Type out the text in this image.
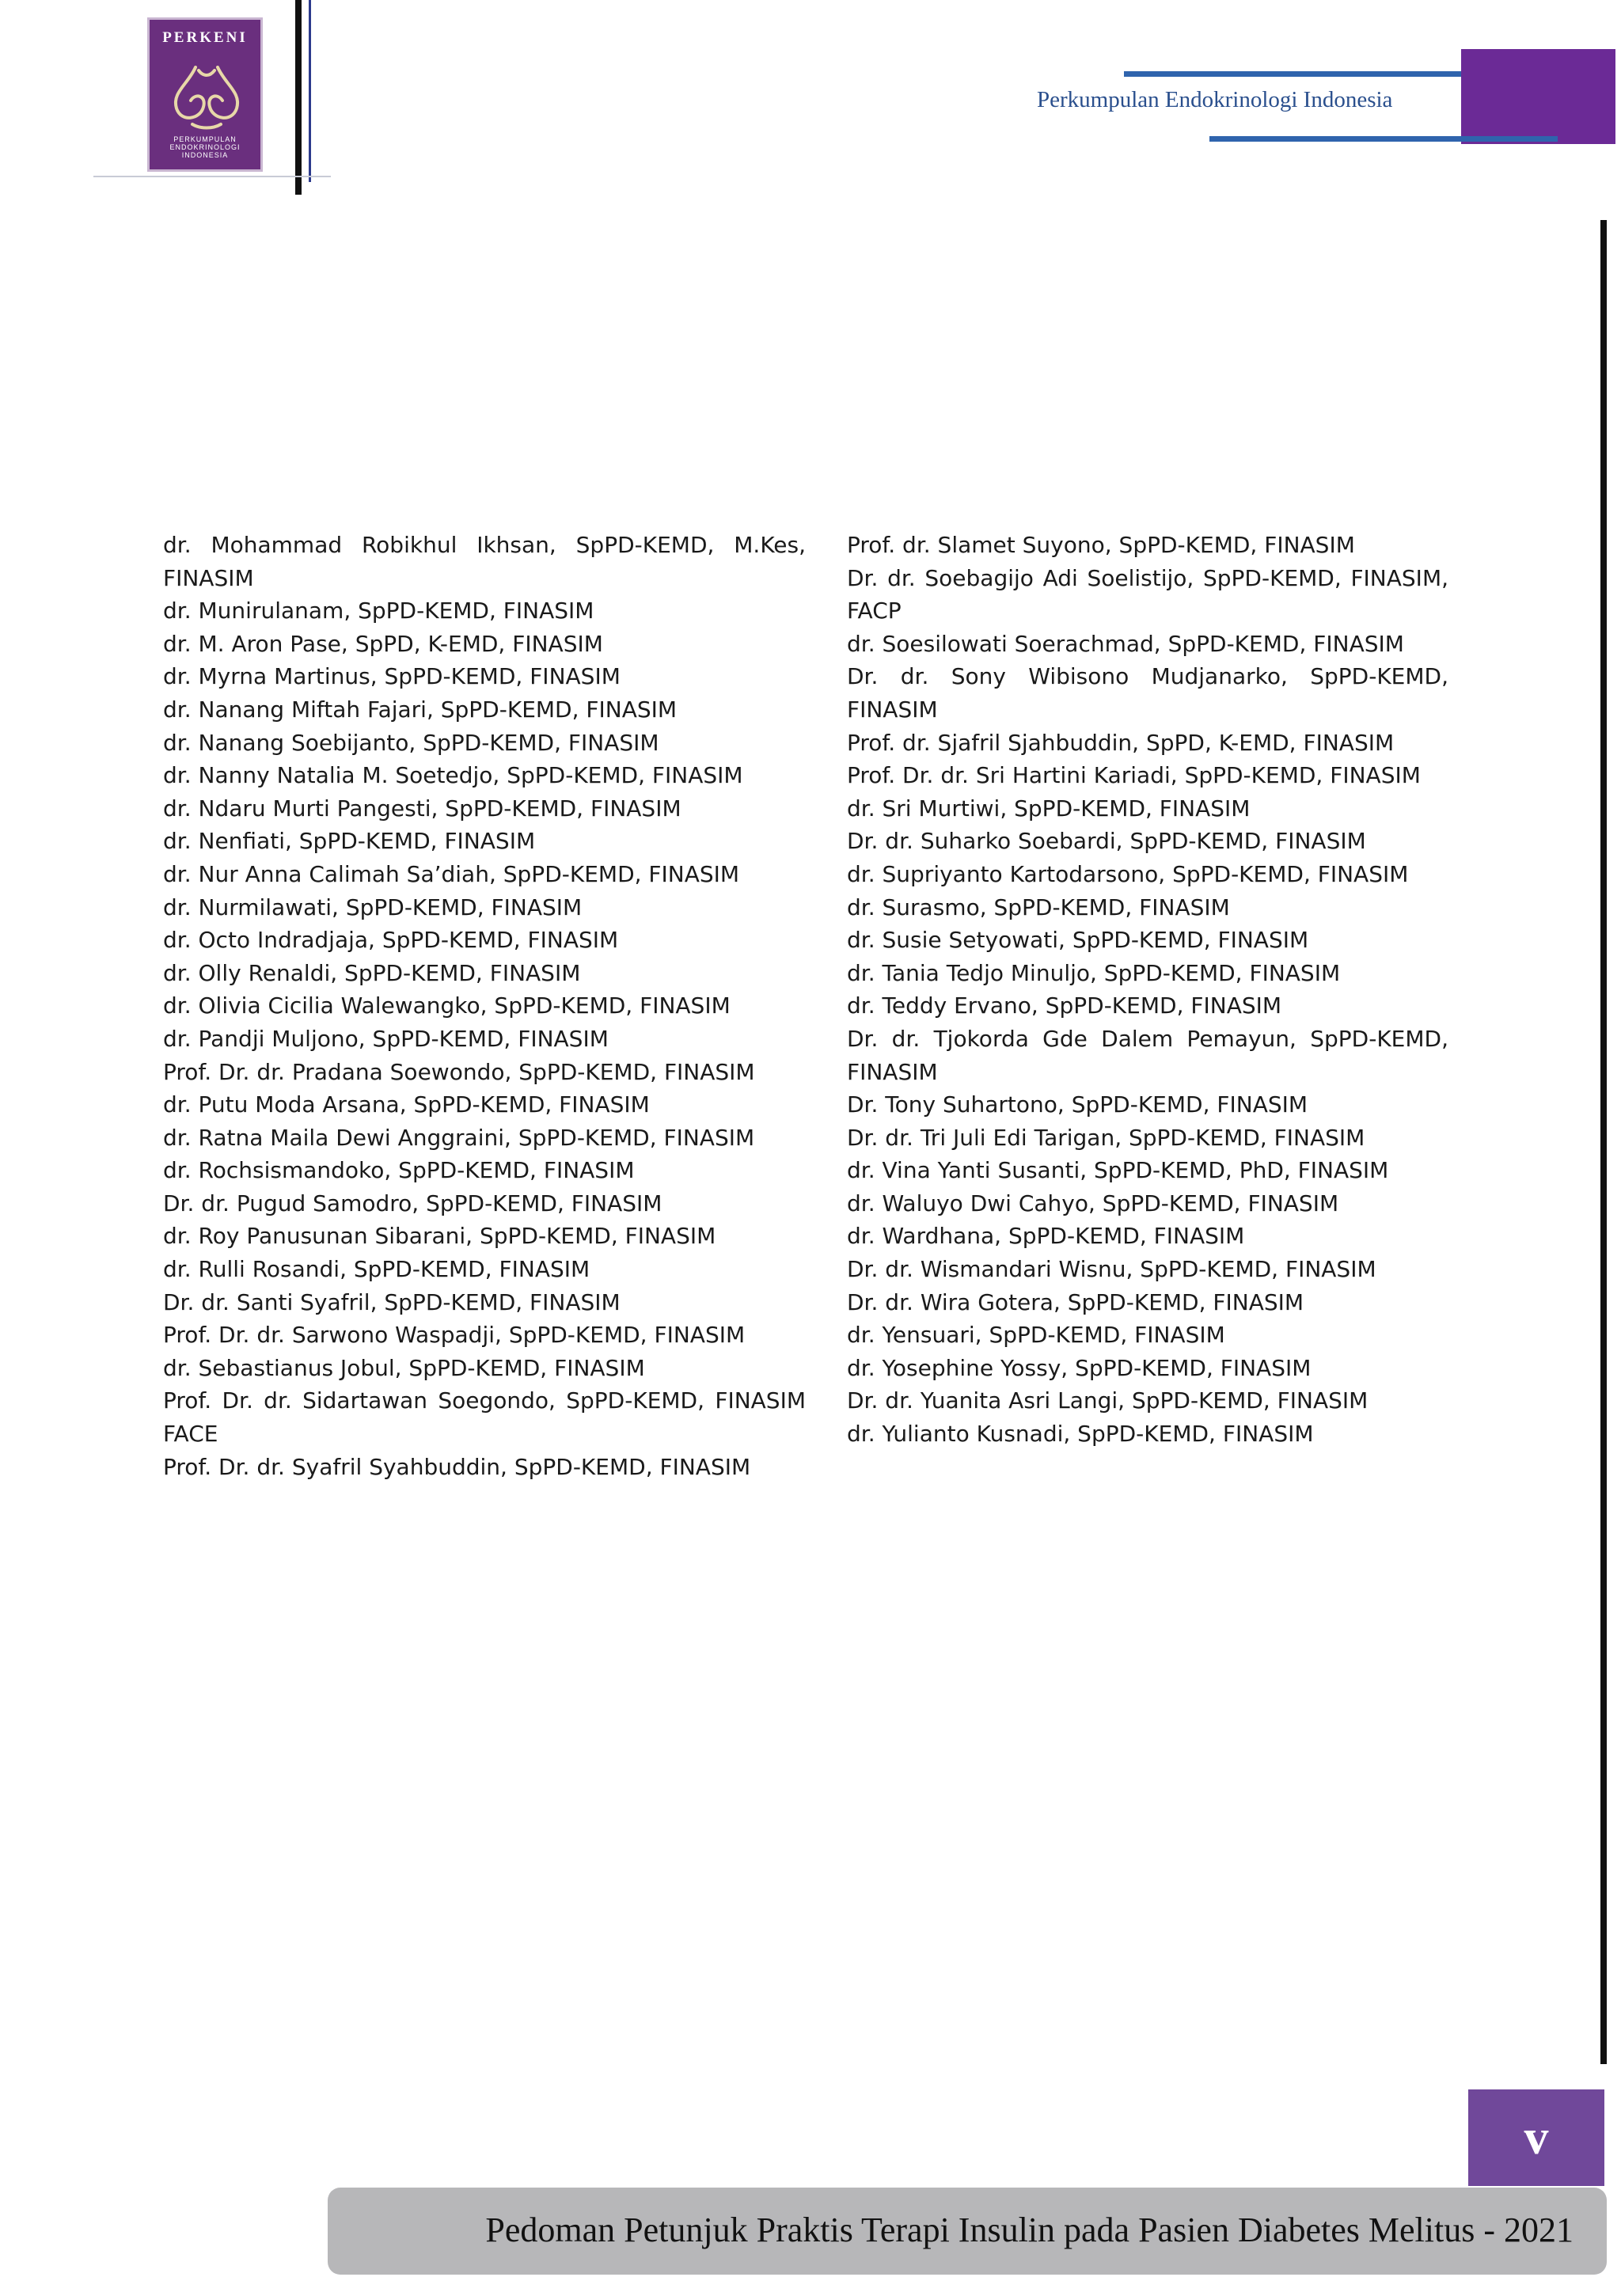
PERKENI
PERKUMPULAN
ENDOKRINOLOGI
INDONESIA
Perkumpulan Endokrinologi Indonesia

dr. Mohammad Robikhul Ikhsan, SpPD-KEMD, M.Kes, FINASIM

dr. Munirulanam, SpPD-KEMD, FINASIM

dr. M. Aron Pase, SpPD, K-EMD, FINASIM

dr. Myrna Martinus, SpPD-KEMD, FINASIM

dr. Nanang Miftah Fajari, SpPD-KEMD, FINASIM

dr. Nanang Soebijanto, SpPD-KEMD, FINASIM

dr. Nanny Natalia M. Soetedjo, SpPD-KEMD, FINASIM

dr. Ndaru Murti Pangesti, SpPD-KEMD, FINASIM

dr. Nenfiati, SpPD-KEMD, FINASIM

dr. Nur Anna Calimah Sa’diah, SpPD-KEMD, FINASIM

dr. Nurmilawati, SpPD-KEMD, FINASIM

dr. Octo Indradjaja, SpPD-KEMD, FINASIM

dr. Olly Renaldi, SpPD-KEMD, FINASIM

dr. Olivia Cicilia Walewangko, SpPD-KEMD, FINASIM

dr. Pandji Muljono, SpPD-KEMD, FINASIM

Prof. Dr. dr. Pradana Soewondo, SpPD-KEMD, FINASIM

dr. Putu Moda Arsana, SpPD-KEMD, FINASIM

dr. Ratna Maila Dewi Anggraini, SpPD-KEMD, FINASIM

dr. Rochsismandoko, SpPD-KEMD, FINASIM

Dr. dr. Pugud Samodro, SpPD-KEMD, FINASIM

dr. Roy Panusunan Sibarani, SpPD-KEMD, FINASIM

dr. Rulli Rosandi, SpPD-KEMD, FINASIM

Dr. dr. Santi Syafril, SpPD-KEMD, FINASIM

Prof. Dr. dr. Sarwono Waspadji, SpPD-KEMD, FINASIM

dr. Sebastianus Jobul, SpPD-KEMD, FINASIM

Prof. Dr. dr. Sidartawan Soegondo, SpPD-KEMD, FINASIM FACE

Prof. Dr. dr. Syafril Syahbuddin, SpPD-KEMD, FINASIM

Prof. dr. Slamet Suyono, SpPD-KEMD, FINASIM

Dr. dr. Soebagijo Adi Soelistijo, SpPD-KEMD, FINASIM, FACP

dr. Soesilowati Soerachmad, SpPD-KEMD, FINASIM

Dr. dr. Sony Wibisono Mudjanarko, SpPD-KEMD, FINASIM

Prof. dr. Sjafril Sjahbuddin, SpPD, K-EMD, FINASIM

Prof. Dr. dr. Sri Hartini Kariadi, SpPD-KEMD, FINASIM

dr. Sri Murtiwi, SpPD-KEMD, FINASIM

Dr. dr. Suharko Soebardi, SpPD-KEMD, FINASIM

dr. Supriyanto Kartodarsono, SpPD-KEMD, FINASIM

dr. Surasmo, SpPD-KEMD, FINASIM

dr. Susie Setyowati, SpPD-KEMD, FINASIM

dr. Tania Tedjo Minuljo, SpPD-KEMD, FINASIM

dr. Teddy Ervano, SpPD-KEMD, FINASIM

Dr. dr. Tjokorda Gde Dalem Pemayun, SpPD-KEMD, FINASIM

Dr. Tony Suhartono, SpPD-KEMD, FINASIM

Dr. dr. Tri Juli Edi Tarigan, SpPD-KEMD, FINASIM

dr. Vina Yanti Susanti, SpPD-KEMD, PhD, FINASIM

dr. Waluyo Dwi Cahyo, SpPD-KEMD, FINASIM

dr. Wardhana, SpPD-KEMD, FINASIM

Dr. dr. Wismandari Wisnu, SpPD-KEMD, FINASIM

Dr. dr. Wira Gotera, SpPD-KEMD, FINASIM

dr. Yensuari, SpPD-KEMD, FINASIM

dr. Yosephine Yossy, SpPD-KEMD, FINASIM

Dr. dr. Yuanita Asri Langi, SpPD-KEMD, FINASIM

dr. Yulianto Kusnadi, SpPD-KEMD, FINASIM

v
Pedoman Petunjuk Praktis Terapi Insulin pada Pasien Diabetes Melitus - 2021
